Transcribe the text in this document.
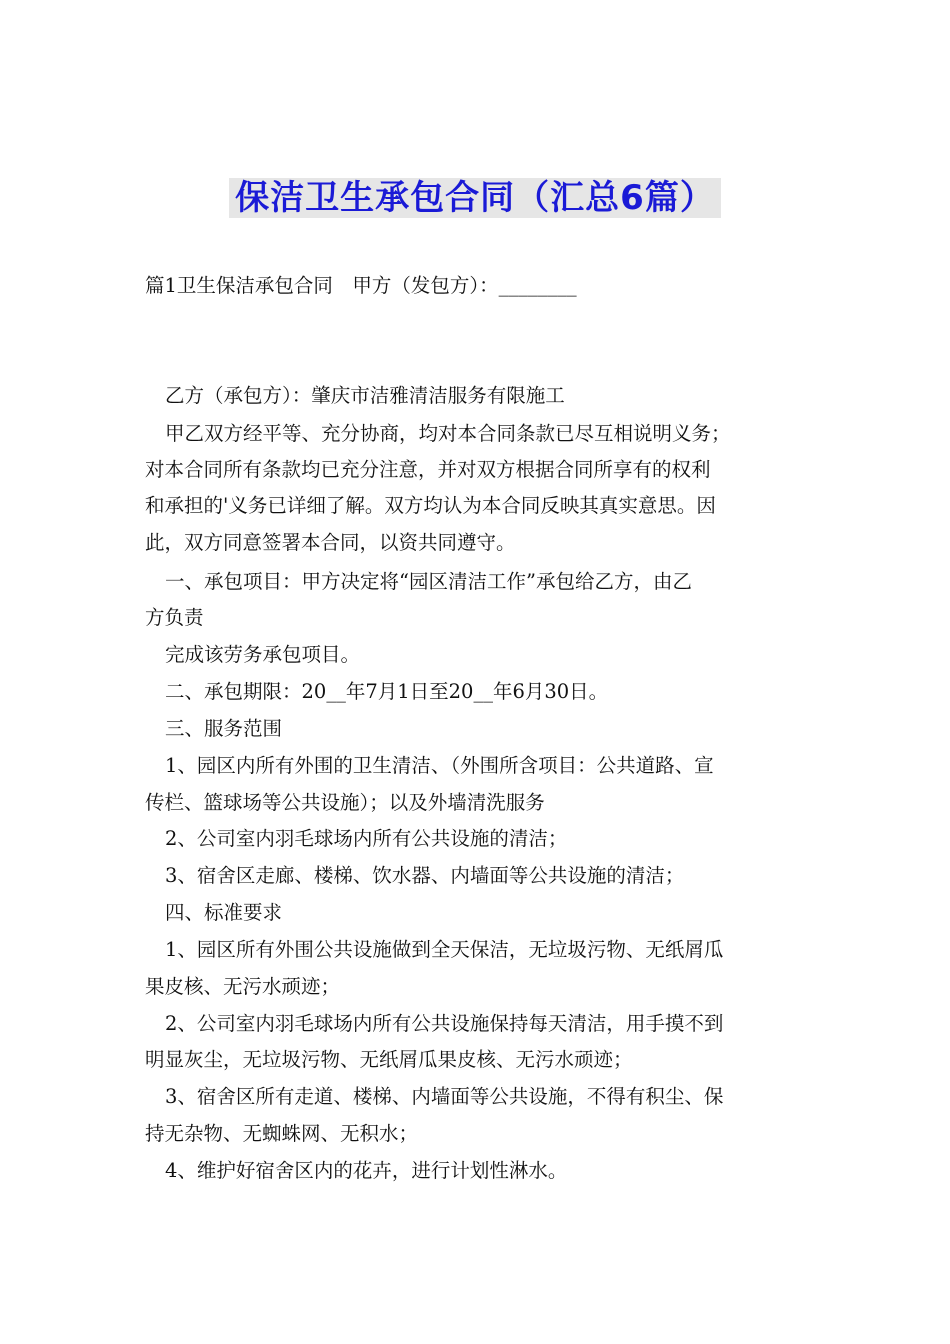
保洁卫生承包合同（汇总6篇）
篇1卫生保洁承包合同　甲方（发包方）：________
乙方（承包方）：肇庆市洁雅清洁服务有限施工
甲乙双方经平等、充分协商，均对本合同条款已尽互相说明义务；
对本合同所有条款均已充分注意，并对双方根据合同所享有的权利
和承担的'义务已详细了解。双方均认为本合同反映其真实意思。因
此，双方同意签署本合同，以资共同遵守。
一、承包项目：甲方决定将“园区清洁工作”承包给乙方，由乙
方负责
完成该劳务承包项目。
二、承包期限：20__年7月1日至20__年6月30日。
三、服务范围
1、园区内所有外围的卫生清洁、（外围所含项目：公共道路、宣
传栏、篮球场等公共设施）；以及外墙清洗服务
2、公司室内羽毛球场内所有公共设施的清洁；
3、宿舍区走廊、楼梯、饮水器、内墙面等公共设施的清洁；
四、标准要求
1、园区所有外围公共设施做到全天保洁，无垃圾污物、无纸屑瓜
果皮核、无污水顽迹；
2、公司室内羽毛球场内所有公共设施保持每天清洁，用手摸不到
明显灰尘，无垃圾污物、无纸屑瓜果皮核、无污水顽迹；
3、宿舍区所有走道、楼梯、内墙面等公共设施，不得有积尘、保
持无杂物、无蜘蛛网、无积水；
4、维护好宿舍区内的花卉，进行计划性淋水。
